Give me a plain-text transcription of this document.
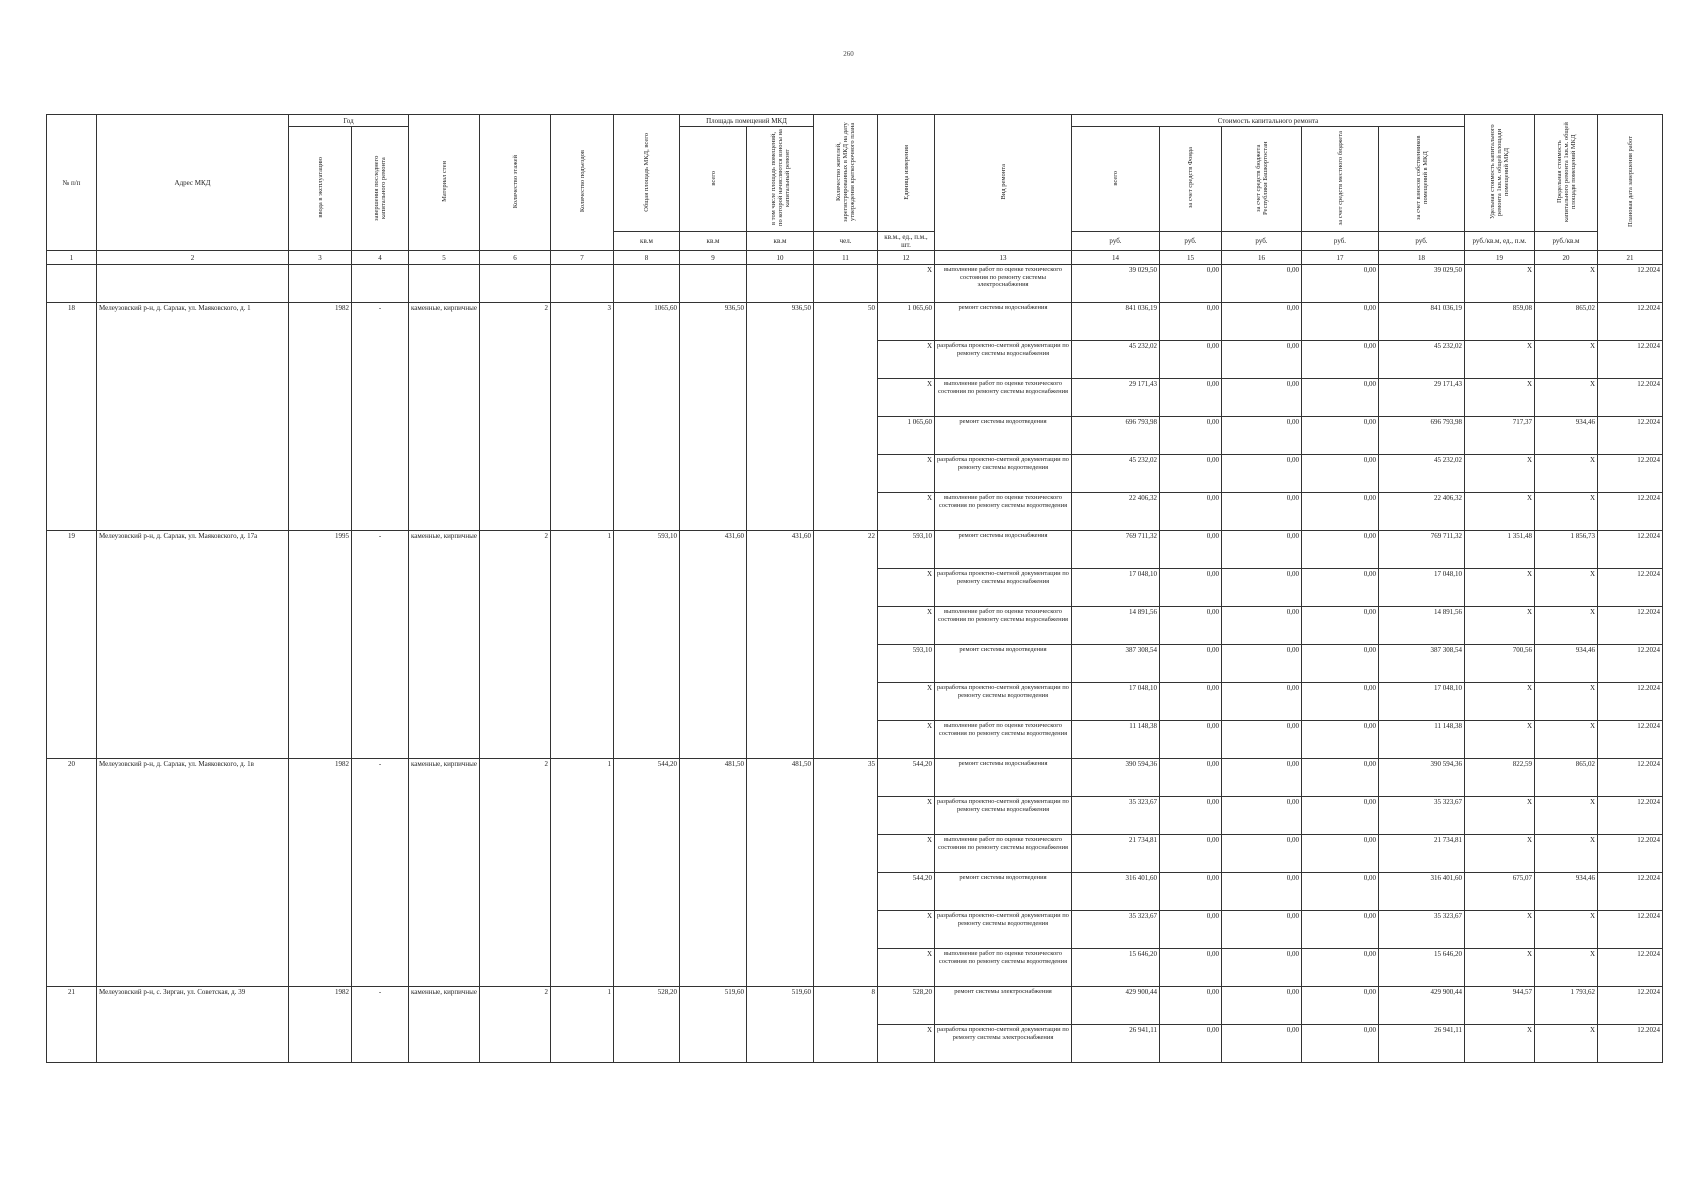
260
№ п/п	Адрес МКД	Год		Материал стен	Количество этажей	Количество подъездов	Общая площадь МКД, всего	Площадь помещений МКД		Количество жителей, зарегистрированных в МКД на дату утверждения краткосрочного плана	Единица измерения	Вид ремонта	Стоимость капитального ремонта					Удельная стоимость капитального ремонта 1кв.м. общей площади помещений МКД	Предельная стоимость капитального ремонта 1кв.м. общей площади помещений МКД	Плановая дата завершения работ
		ввода в эксплуатацию	завершения последнего капитального ремонта					всего	в том числе площадь помещений, по которой начисляются взносы на капитальный ремонт				всего	за счет средств Фонда	за счет средств бюджета Республики Башкортостан	за счет средств местного бюджета	за счет взносов собственников помещений в МКД			
							кв.м	кв.м	кв.м	чел.	кв.м., ед., п.м., шт.		руб.	руб.	руб.	руб.	руб.	руб./кв.м, ед., п.м.	руб./кв.м	
1	2	3	4	5	6	7	8	9	10	11	12	13	14	15	16	17	18	19	20	21
											X	выполнение работ по оценке технического состояния по ремонту системы электроснабжения	39 029,50	0,00	0,00	0,00	39 029,50	X	X	12.2024
18	Мелеузовский р-н, д. Сарлак, ул. Маяковского, д. 1	1982	-	каменные, кирпичные	2	3	1065,60	936,50	936,50	50	1 065,60	ремонт системы водоснабжения	841 036,19	0,00	0,00	0,00	841 036,19	859,08	865,02	12.2024
											X	разработка проектно-сметной документации по ремонту системы водоснабжения	45 232,02	0,00	0,00	0,00	45 232,02	X	X	12.2024
											X	выполнение работ по оценке технического состояния по ремонту системы водоснабжения	29 171,43	0,00	0,00	0,00	29 171,43	X	X	12.2024
											1 065,60	ремонт системы водоотведения	696 793,98	0,00	0,00	0,00	696 793,98	717,37	934,46	12.2024
											X	разработка проектно-сметной документации по ремонту системы водоотведения	45 232,02	0,00	0,00	0,00	45 232,02	X	X	12.2024
											X	выполнение работ по оценке технического состояния по ремонту системы водоотведения	22 406,32	0,00	0,00	0,00	22 406,32	X	X	12.2024
19	Мелеузовский р-н, д. Сарлак, ул. Маяковского, д. 17а	1995	-	каменные, кирпичные	2	1	593,10	431,60	431,60	22	593,10	ремонт системы водоснабжения	769 711,32	0,00	0,00	0,00	769 711,32	1 351,48	1 856,73	12.2024
											X	разработка проектно-сметной документации по ремонту системы водоснабжения	17 048,10	0,00	0,00	0,00	17 048,10	X	X	12.2024
											X	выполнение работ по оценке технического состояния по ремонту системы водоснабжения	14 891,56	0,00	0,00	0,00	14 891,56	X	X	12.2024
											593,10	ремонт системы водоотведения	387 308,54	0,00	0,00	0,00	387 308,54	700,56	934,46	12.2024
											X	разработка проектно-сметной документации по ремонту системы водоотведения	17 048,10	0,00	0,00	0,00	17 048,10	X	X	12.2024
											X	выполнение работ по оценке технического состояния по ремонту системы водоотведения	11 148,38	0,00	0,00	0,00	11 148,38	X	X	12.2024
20	Мелеузовский р-н, д. Сарлак, ул. Маяковского, д. 1в	1982	-	каменные, кирпичные	2	1	544,20	481,50	481,50	35	544,20	ремонт системы водоснабжения	390 594,36	0,00	0,00	0,00	390 594,36	822,59	865,02	12.2024
											X	разработка проектно-сметной документации по ремонту системы водоснабжения	35 323,67	0,00	0,00	0,00	35 323,67	X	X	12.2024
											X	выполнение работ по оценке технического состояния по ремонту системы водоснабжения	21 734,81	0,00	0,00	0,00	21 734,81	X	X	12.2024
											544,20	ремонт системы водоотведения	316 401,60	0,00	0,00	0,00	316 401,60	675,07	934,46	12.2024
											X	разработка проектно-сметной документации по ремонту системы водоотведения	35 323,67	0,00	0,00	0,00	35 323,67	X	X	12.2024
											X	выполнение работ по оценке технического состояния по ремонту системы водоотведения	15 646,20	0,00	0,00	0,00	15 646,20	X	X	12.2024
21	Мелеузовский р-н, с. Зирган, ул. Советская, д. 39	1982	-	каменные, кирпичные	2	1	528,20	519,60	519,60	8	528,20	ремонт системы электроснабжения	429 900,44	0,00	0,00	0,00	429 900,44	944,57	1 793,62	12.2024
											X	разработка проектно-сметной документации по ремонту системы электроснабжения	26 941,11	0,00	0,00	0,00	26 941,11	X	X	12.2024
